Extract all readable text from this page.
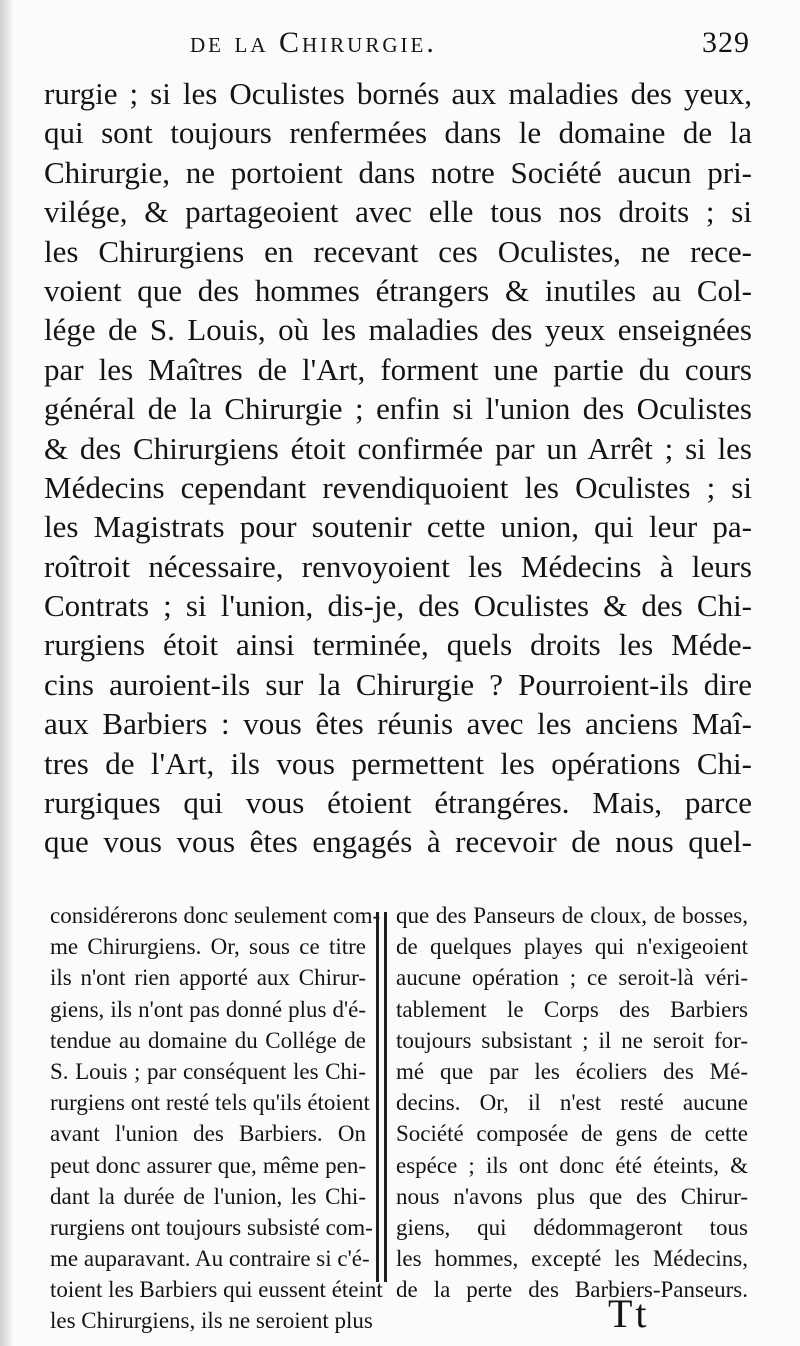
de la Chirurgie.	329
rurgie ; si les Oculistes bornés aux maladies des yeux,
qui sont toujours renfermées dans le domaine de la
Chirurgie, ne portoient dans notre Société aucun pri-
vilége, & partageoient avec elle tous nos droits ; si
les Chirurgiens en recevant ces Oculistes, ne rece-
voient que des hommes étrangers & inutiles au Col-
lége de S. Louis, où les maladies des yeux enseignées
par les Maîtres de l'Art, forment une partie du cours
général de la Chirurgie ; enfin si l'union des Oculistes
& des Chirurgiens étoit confirmée par un Arrêt ; si les
Médecins cependant revendiquoient les Oculistes ; si
les Magistrats pour soutenir cette union, qui leur pa-
roîtroit nécessaire, renvoyoient les Médecins à leurs
Contrats ; si l'union, dis-je, des Oculistes & des Chi-
rurgiens étoit ainsi terminée, quels droits les Méde-
cins auroient-ils sur la Chirurgie ? Pourroient-ils dire
aux Barbiers : vous êtes réunis avec les anciens Maî-
tres de l'Art, ils vous permettent les opérations Chi-
rurgiques qui vous étoient étrangéres. Mais, parce
que vous vous êtes engagés à recevoir de nous quel-
considérerons donc seulement com-
me Chirurgiens. Or, sous ce titre
ils n'ont rien apporté aux Chirur-
giens, ils n'ont pas donné plus d'é-
tendue au domaine du Collége de
S. Louis ; par conséquent les Chi-
rurgiens ont resté tels qu'ils étoient
avant l'union des Barbiers. On
peut donc assurer que, même pen-
dant la durée de l'union, les Chi-
rurgiens ont toujours subsisté com-
me auparavant. Au contraire si c'é-
toient les Barbiers qui eussent éteint
les Chirurgiens, ils ne seroient plus
que des Panseurs de cloux, de bosses,
de quelques playes qui n'exigeoient
aucune opération ; ce seroit-là véri-
tablement le Corps des Barbiers
toujours subsistant ; il ne seroit for-
mé que par les écoliers des Mé-
decins. Or, il n'est resté aucune
Société composée de gens de cette
espéce ; ils ont donc été éteints, &
nous n'avons plus que des Chirur-
giens, qui dédommageront tous
les hommes, excepté les Médecins,
de la perte des Barbiers-Panseurs.
Tt
